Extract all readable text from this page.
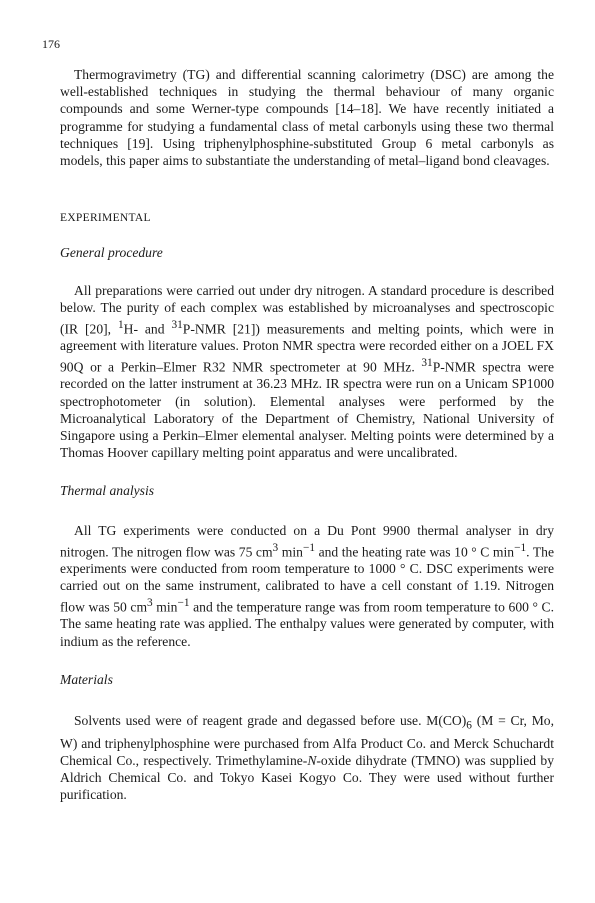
176

Thermogravimetry (TG) and differential scanning calorimetry (DSC) are among the well-established techniques in studying the thermal behaviour of many organic compounds and some Werner-type compounds [14–18]. We have recently initiated a programme for studying a fundamental class of metal carbonyls using these two thermal techniques [19]. Using triphenylphosphine-substituted Group 6 metal carbonyls as models, this paper aims to substantiate the understanding of metal–ligand bond cleavages.

EXPERIMENTAL
General procedure

All preparations were carried out under dry nitrogen. A standard procedure is described below. The purity of each complex was established by microanalyses and spectroscopic (IR [20], $^1$H- and $^{31}$P-NMR [21]) measurements and melting points, which were in agreement with literature values. Proton NMR spectra were recorded either on a JOEL FX 90Q or a Perkin–Elmer R32 NMR spectrometer at 90 MHz. $^{31}$P-NMR spectra were recorded on the latter instrument at 36.23 MHz. IR spectra were run on a Unicam SP1000 spectrophotometer (in solution). Elemental analyses were performed by the Microanalytical Laboratory of the Department of Chemistry, National University of Singapore using a Perkin–Elmer elemental analyser. Melting points were determined by a Thomas Hoover capillary melting point apparatus and were uncalibrated.

Thermal analysis

All TG experiments were conducted on a Du Pont 9900 thermal analyser in dry nitrogen. The nitrogen flow was 75 $cm^3$ $\min^{-1}$ and the heating rate was 10 ° C $\min^{-1}$. The experiments were conducted from room temperature to 1000 ° C. DSC experiments were carried out on the same instrument, calibrated to have a cell constant of 1.19. Nitrogen flow was 50 $cm^3$ $\min^{-1}$ and the temperature range was from room temperature to 600 ° C. The same heating rate was applied. The enthalpy values were generated by computer, with indium as the reference.

Materials

Solvents used were of reagent grade and degassed before use. $M(CO)_6$ (M = Cr, Mo, W) and triphenylphosphine were purchased from Alfa Product Co. and Merck Schuchardt Chemical Co., respectively. Trimethylamine-N-oxide dihydrate (TMNO) was supplied by Aldrich Chemical Co. and Tokyo Kasei Kogyo Co. They were used without further purification.
